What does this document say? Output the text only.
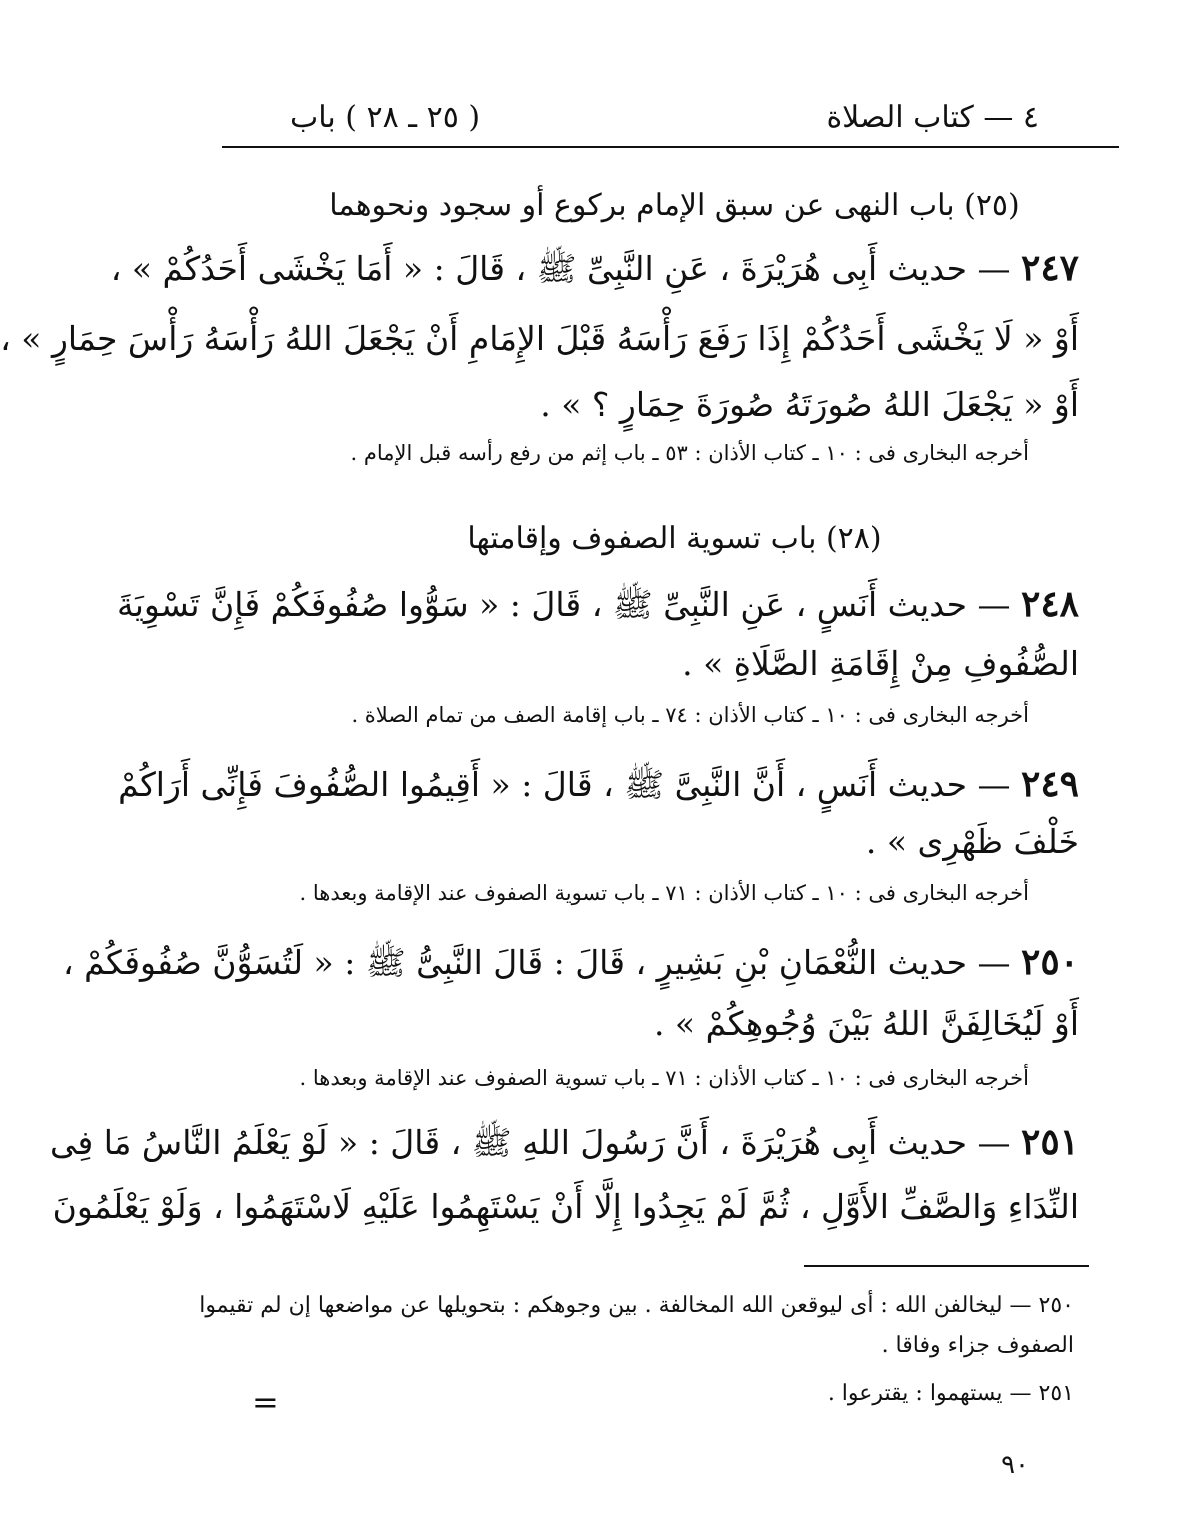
٤ — كتاب الصلاة
( ٢٥ ـ ٢٨ ) باب
(٢٥) باب النهى عن سبق الإمام بركوع أو سجود ونحوهما
٢٤٧ — حديث أَبِى هُرَيْرَةَ ، عَنِ النَّبِىِّ ﷺ ، قَالَ : « أَمَا يَخْشَى أَحَدُكُمْ » ،
أَوْ « لَا يَخْشَى أَحَدُكُمْ إِذَا رَفَعَ رَأْسَهُ قَبْلَ الإِمَامِ أَنْ يَجْعَلَ اللهُ رَأْسَهُ رَأْسَ حِمَارٍ » ،
أَوْ « يَجْعَلَ اللهُ صُورَتَهُ صُورَةَ حِمَارٍ ؟ » .
أخرجه البخارى فى : ١٠ ـ كتاب الأذان : ٥٣ ـ باب إثم من رفع رأسه قبل الإمام .
(٢٨) باب تسوية الصفوف وإقامتها
٢٤٨ — حديث أَنَسٍ ، عَنِ النَّبِىِّ ﷺ ، قَالَ : « سَوُّوا صُفُوفَكُمْ فَإِنَّ تَسْوِيَةَ
الصُّفُوفِ مِنْ إِقَامَةِ الصَّلَاةِ » .
أخرجه البخارى فى : ١٠ ـ كتاب الأذان : ٧٤ ـ باب إقامة الصف من تمام الصلاة .
٢٤٩ — حديث أَنَسٍ ، أَنَّ النَّبِىَّ ﷺ ، قَالَ : « أَقِيمُوا الصُّفُوفَ فَإِنِّى أَرَاكُمْ
خَلْفَ ظَهْرِى » .
أخرجه البخارى فى : ١٠ ـ كتاب الأذان : ٧١ ـ باب تسوية الصفوف عند الإقامة وبعدها .
٢٥٠ — حديث النُّعْمَانِ بْنِ بَشِيرٍ ، قَالَ : قَالَ النَّبِىُّ ﷺ : « لَتُسَوُّنَّ صُفُوفَكُمْ ،
أَوْ لَيُخَالِفَنَّ اللهُ بَيْنَ وُجُوهِكُمْ » .
أخرجه البخارى فى : ١٠ ـ كتاب الأذان : ٧١ ـ باب تسوية الصفوف عند الإقامة وبعدها .
٢٥١ — حديث أَبِى هُرَيْرَةَ ، أَنَّ رَسُولَ اللهِ ﷺ ، قَالَ : « لَوْ يَعْلَمُ النَّاسُ مَا فِى
النِّدَاءِ وَالصَّفِّ الأَوَّلِ ، ثُمَّ لَمْ يَجِدُوا إِلَّا أَنْ يَسْتَهِمُوا عَلَيْهِ لَاسْتَهَمُوا ، وَلَوْ يَعْلَمُونَ
٢٥٠ — ليخالفن الله : أى ليوقعن الله المخالفة . بين وجوهكم : بتحويلها عن مواضعها إن لم تقيموا
الصفوف جزاء وفاقا .
٢٥١ — يستهموا : يقترعوا .
=
٩٠
